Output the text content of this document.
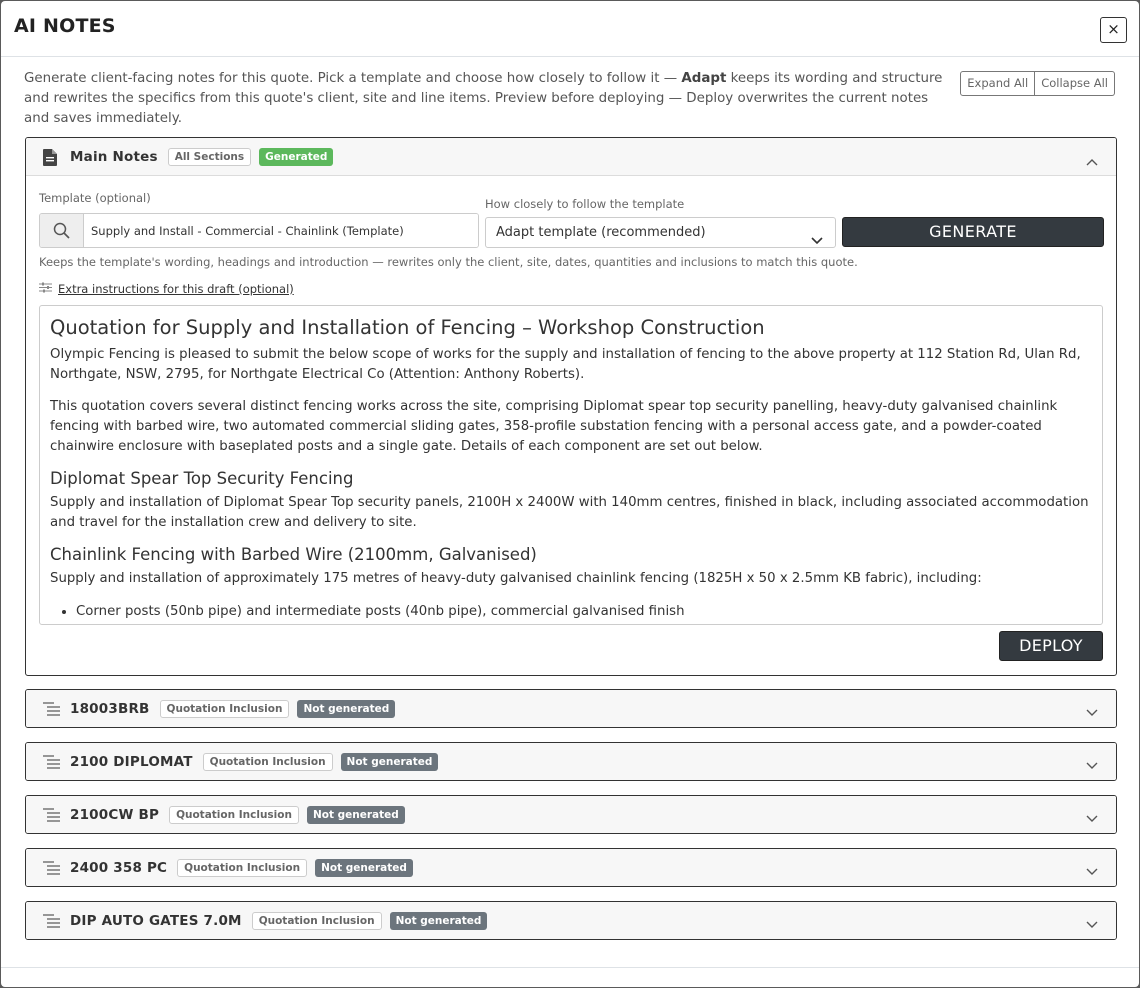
AI NOTES	×
Generate client-facing notes for this quote. Pick a template and choose how closely to follow it — Adapt keeps its wording and structure and rewrites the specifics from this quote's client, site and line items. Preview before deploying — Deploy overwrites the current notes and saves immediately.
Expand All	Collapse All
Main Notes	All Sections	Generated
Template (optional)
Supply and Install - Commercial - Chainlink (Template)	How closely to follow the template
Adapt template (recommended)	GENERATE
Keeps the template's wording, headings and introduction — rewrites only the client, site, dates, quantities and inclusions to match this quote.
Extra instructions for this draft (optional)
Quotation for Supply and Installation of Fencing – Workshop Construction

Olympic Fencing is pleased to submit the below scope of works for the supply and installation of fencing to the above property at 112 Station Rd, Ulan Rd, Northgate, NSW, 2795, for Northgate Electrical Co (Attention: Anthony Roberts).

This quotation covers several distinct fencing works across the site, comprising Diplomat spear top security panelling, heavy-duty galvanised chainlink fencing with barbed wire, two automated commercial sliding gates, 358-profile substation fencing with a personal access gate, and a powder-coated chainwire enclosure with baseplated posts and a single gate. Details of each component are set out below.

Diplomat Spear Top Security Fencing

Supply and installation of Diplomat Spear Top security panels, 2100H x 2400W with 140mm centres, finished in black, including associated accommodation and travel for the installation crew and delivery to site.

Chainlink Fencing with Barbed Wire (2100mm, Galvanised)

Supply and installation of approximately 175 metres of heavy-duty galvanised chainlink fencing (1825H x 50 x 2.5mm KB fabric), including:

• Corner posts (50nb pipe) and intermediate posts (40nb pipe), commercial galvanised finish
DEPLOY
18003BRB	Quotation Inclusion	Not generated
2100 DIPLOMAT	Quotation Inclusion	Not generated
2100CW BP	Quotation Inclusion	Not generated
2400 358 PC	Quotation Inclusion	Not generated
DIP AUTO GATES 7.0M	Quotation Inclusion	Not generated
